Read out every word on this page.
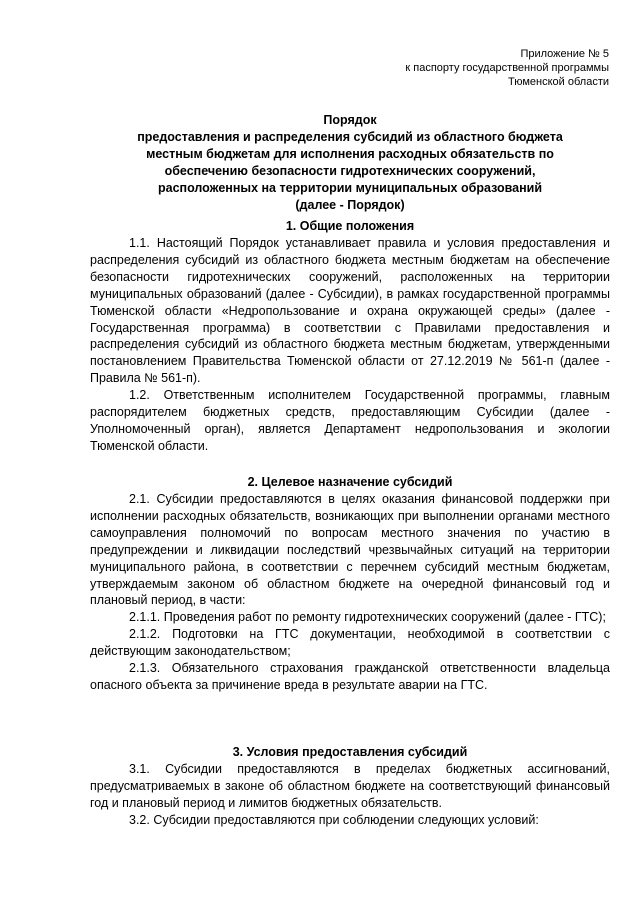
Приложение № 5
к паспорту государственной программы
Тюменской области
Порядок
предоставления и распределения субсидий из областного бюджета
местным бюджетам для исполнения расходных обязательств по
обеспечению безопасности гидротехнических сооружений,
расположенных на территории муниципальных образований
(далее - Порядок)
1. Общие положения

1.1. Настоящий Порядок устанавливает правила и условия предоставления и распределения субсидий из областного бюджета местным бюджетам на обеспечение безопасности гидротехнических сооружений, расположенных на территории муниципальных образований (далее - Субсидии), в рамках государственной программы Тюменской области «Недропользование и охрана окружающей среды» (далее - Государственная программа) в соответствии с Правилами предоставления и распределения субсидий из областного бюджета местным бюджетам, утвержденными постановлением Правительства Тюменской области от 27.12.2019 № 561-п (далее - Правила № 561-п).

1.2. Ответственным исполнителем Государственной программы, главным распорядителем бюджетных средств, предоставляющим Субсидии (далее - Уполномоченный орган), является Департамент недропользования и экологии Тюменской области.

2. Целевое назначение субсидий

2.1. Субсидии предоставляются в целях оказания финансовой поддержки при исполнении расходных обязательств, возникающих при выполнении органами местного самоуправления полномочий по вопросам местного значения по участию в предупреждении и ликвидации последствий чрезвычайных ситуаций на территории муниципального района, в соответствии с перечнем субсидий местным бюджетам, утверждаемым законом об областном бюджете на очередной финансовый год и плановый период, в части:

2.1.1. Проведения работ по ремонту гидротехнических сооружений (далее - ГТС);

2.1.2. Подготовки на ГТС документации, необходимой в соответствии с действующим законодательством;

2.1.3. Обязательного страхования гражданской ответственности владельца опасного объекта за причинение вреда в результате аварии на ГТС.

3. Условия предоставления субсидий

3.1. Субсидии предоставляются в пределах бюджетных ассигнований, предусматриваемых в законе об областном бюджете на соответствующий финансовый год и плановый период и лимитов бюджетных обязательств.

3.2. Субсидии предоставляются при соблюдении следующих условий:
